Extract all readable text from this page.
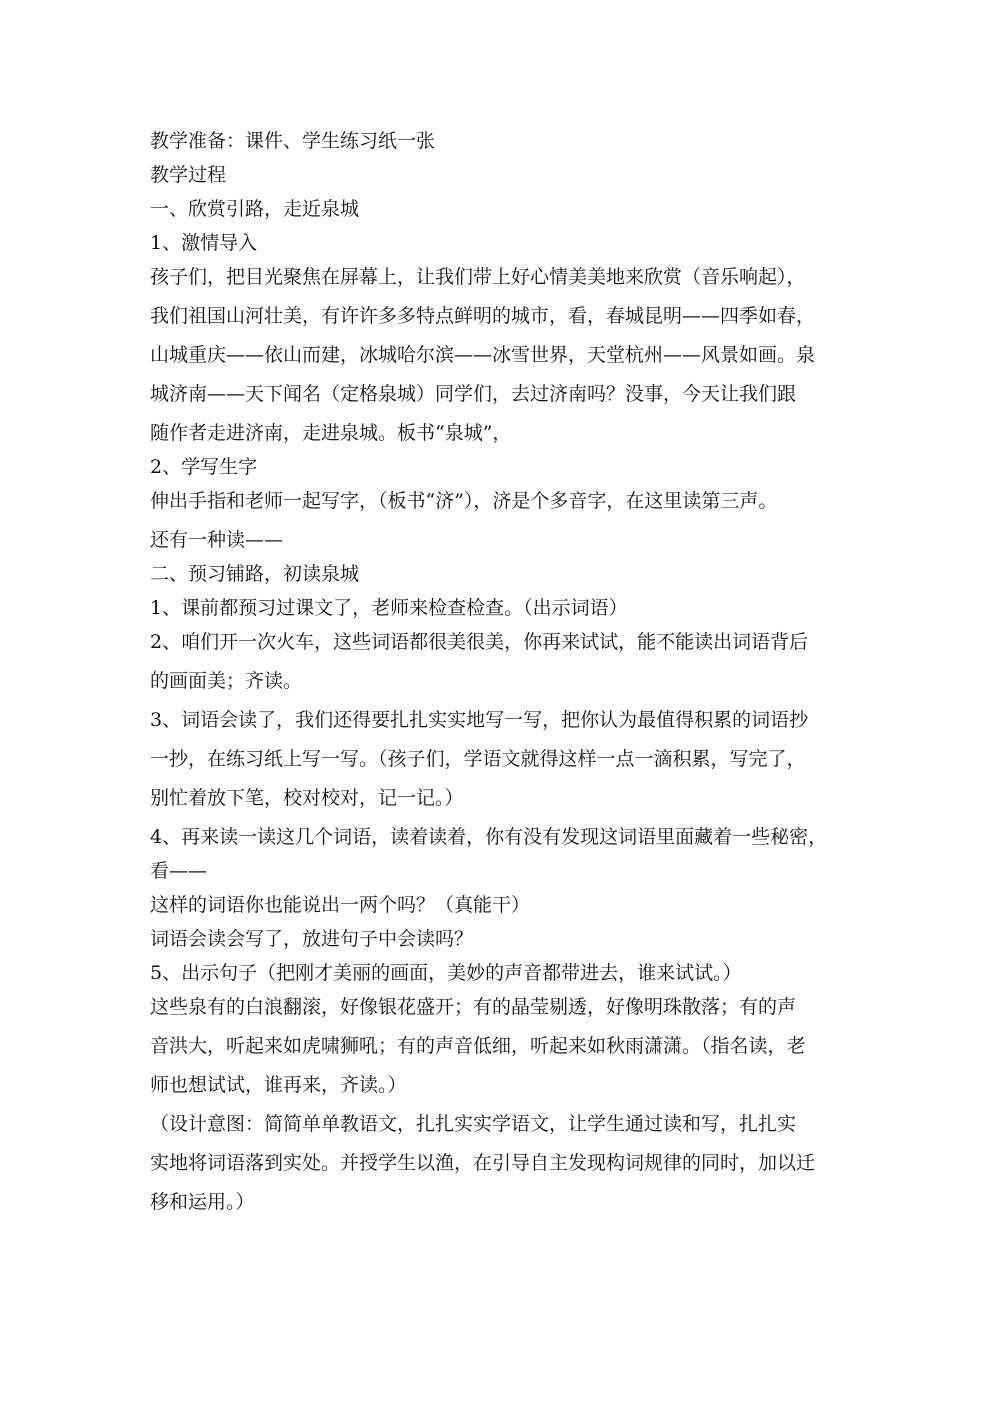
教学准备：课件、学生练习纸一张
教学过程
一、欣赏引路，走近泉城
1、激情导入
孩子们，把目光聚焦在屏幕上，让我们带上好心情美美地来欣赏（音乐响起），
我们祖国山河壮美，有许许多多特点鲜明的城市，看，春城昆明——四季如春，
山城重庆——依山而建，冰城哈尔滨——冰雪世界，天堂杭州——风景如画。泉
城济南——天下闻名（定格泉城）同学们，去过济南吗？没事，今天让我们跟
随作者走进济南，走进泉城。板书“泉城”，
2、学写生字
伸出手指和老师一起写字，（板书“济”），济是个多音字，在这里读第三声。
还有一种读——
二、预习铺路，初读泉城
1、课前都预习过课文了，老师来检查检查。（出示词语）
2、咱们开一次火车，这些词语都很美很美，你再来试试，能不能读出词语背后
的画面美；齐读。
3、词语会读了，我们还得要扎扎实实地写一写，把你认为最值得积累的词语抄
一抄，在练习纸上写一写。（孩子们，学语文就得这样一点一滴积累，写完了，
别忙着放下笔，校对校对，记一记。）
4、再来读一读这几个词语，读着读着，你有没有发现这词语里面藏着一些秘密，
看——
这样的词语你也能说出一两个吗？（真能干）
词语会读会写了，放进句子中会读吗？
5、出示句子（把刚才美丽的画面，美妙的声音都带进去，谁来试试。）
这些泉有的白浪翻滚，好像银花盛开；有的晶莹剔透，好像明珠散落；有的声
音洪大，听起来如虎啸狮吼；有的声音低细，听起来如秋雨潇潇。（指名读，老
师也想试试，谁再来，齐读。）
（设计意图：简简单单教语文，扎扎实实学语文，让学生通过读和写，扎扎实
实地将词语落到实处。并授学生以渔，在引导自主发现构词规律的同时，加以迁
移和运用。）
